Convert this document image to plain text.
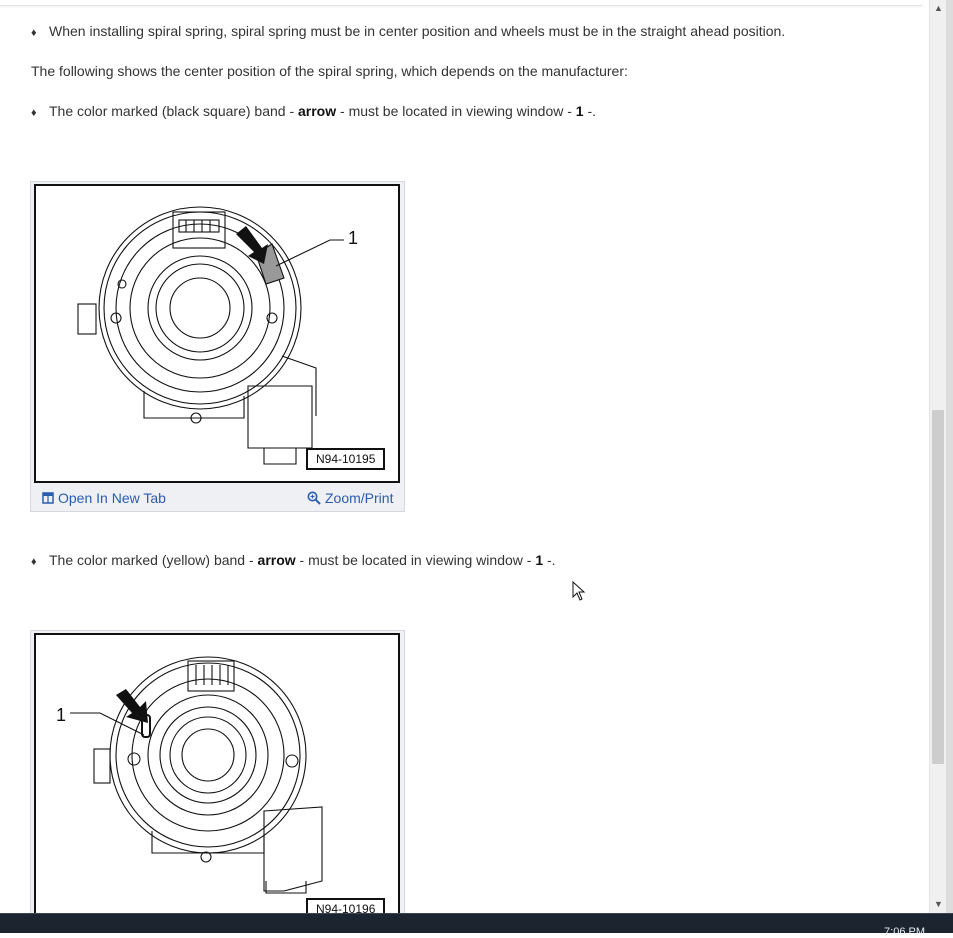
♦ When installing spiral spring, spiral spring must be in center position and wheels must be in the straight ahead position.
The following shows the center position of the spiral spring, which depends on the manufacturer:
♦ The color marked (black square) band - arrow - must be located in viewing window - 1 -.
1
N94-10195
Open In New Tab	Zoom/Print
♦ The color marked (yellow) band - arrow - must be located in viewing window - 1 -.
1
N94-10196
▲
▼
7:06 PM
